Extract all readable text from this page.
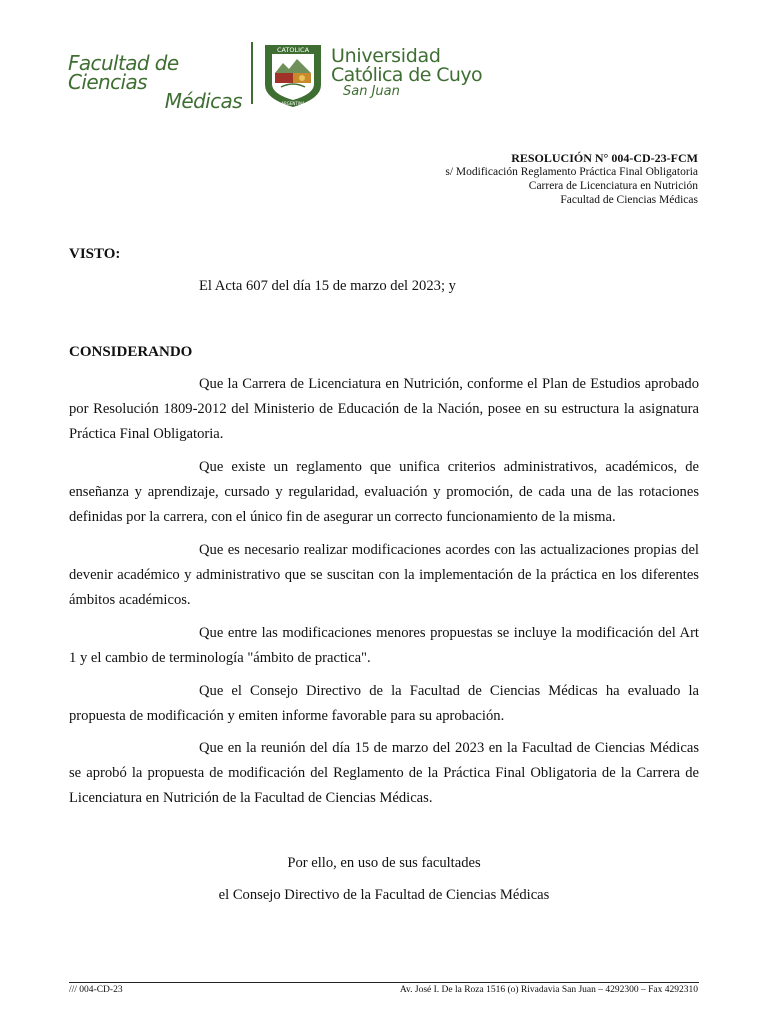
Facultad de Ciencias
Médicas
CATOLICA
ARGENTINA
Universidad
Católica de Cuyo
San Juan
RESOLUCIÓN N° 004-CD-23-FCM
s/ Modificación Reglamento Práctica Final Obligatoria
Carrera de Licenciatura en Nutrición
Facultad de Ciencias Médicas
VISTO:

El Acta 607 del día 15 de marzo del 2023; y

CONSIDERANDO

Que la Carrera de Licenciatura en Nutrición, conforme el Plan de Estudios aprobado por Resolución 1809-2012 del Ministerio de Educación de la Nación, posee en su estructura la asignatura Práctica Final Obligatoria.

Que existe un reglamento que unifica criterios administrativos, académicos, de enseñanza y aprendizaje, cursado y regularidad, evaluación y promoción, de cada una de las rotaciones definidas por la carrera, con el único fin de asegurar un correcto funcionamiento de la misma.

Que es necesario realizar modificaciones acordes con las actualizaciones propias del devenir académico y administrativo que se suscitan con la implementación de la práctica en los diferentes ámbitos académicos.

Que entre las modificaciones menores propuestas se incluye la modificación del Art 1 y el cambio de terminología "ámbito de practica".

Que el Consejo Directivo de la Facultad de Ciencias Médicas ha evaluado la propuesta de modificación y emiten informe favorable para su aprobación.

Que en la reunión del día 15 de marzo del 2023 en la Facultad de Ciencias Médicas se aprobó la propuesta de modificación del Reglamento de la Práctica Final Obligatoria de la Carrera de Licenciatura en Nutrición de la Facultad de Ciencias Médicas.

Por ello, en uso de sus facultades
el Consejo Directivo de la Facultad de Ciencias Médicas
/// 004-CD-23	Av. José I. De la Roza 1516 (o) Rivadavia San Juan – 4292300 – Fax 4292310
